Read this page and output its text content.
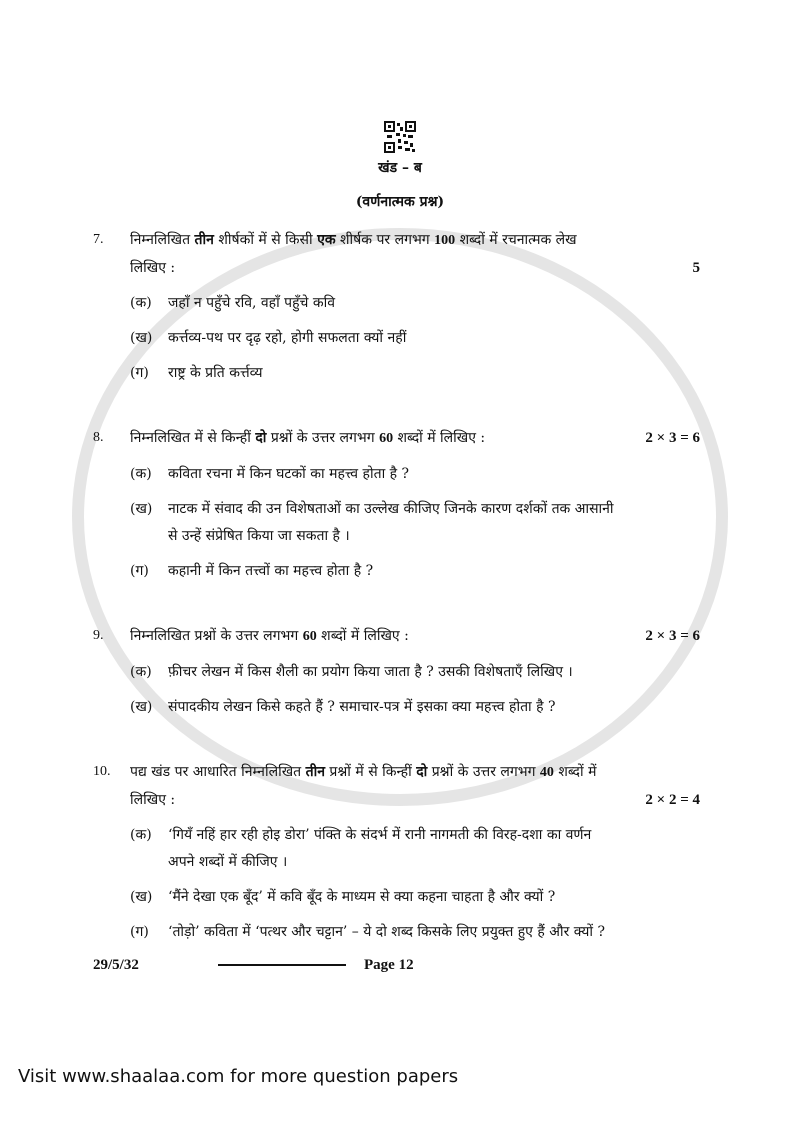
खंड – ब
(वर्णनात्मक प्रश्न)
7.	निम्नलिखित तीन शीर्षकों में से किसी एक शीर्षक पर लगभग 100 शब्दों में रचनात्मक लेख
लिखिए :	5
(क)	जहाँ न पहुँचे रवि, वहाँ पहुँचे कवि
(ख)	कर्त्तव्य-पथ पर दृढ़ रहो, होगी सफलता क्यों नहीं
(ग)	राष्ट्र के प्रति कर्त्तव्य
8.	निम्नलिखित में से किन्हीं दो प्रश्नों के उत्तर लगभग 60 शब्दों में लिखिए :	2 × 3 = 6
(क)	कविता रचना में किन घटकों का महत्त्व होता है ?
(ख)	नाटक में संवाद की उन विशेषताओं का उल्लेख कीजिए जिनके कारण दर्शकों तक आसानी
से उन्हें संप्रेषित किया जा सकता है ।
(ग)	कहानी में किन तत्त्वों का महत्त्व होता है ?
9.	निम्नलिखित प्रश्नों के उत्तर लगभग 60 शब्दों में लिखिए :	2 × 3 = 6
(क)	फ़ीचर लेखन में किस शैली का प्रयोग किया जाता है ? उसकी विशेषताएँ लिखिए ।
(ख)	संपादकीय लेखन किसे कहते हैं ? समाचार-पत्र में इसका क्या महत्त्व होता है ?
10.	पद्य खंड पर आधारित निम्नलिखित तीन प्रश्नों में से किन्हीं दो प्रश्नों के उत्तर लगभग 40 शब्दों में
लिखिए :	2 × 2 = 4
(क)	‘गियँ नहिं हार रही होइ डोरा’ पंक्ति के संदर्भ में रानी नागमती की विरह-दशा का वर्णन
अपने शब्दों में कीजिए ।
(ख)	‘मैंने देखा एक बूँद’ में कवि बूँद के माध्यम से क्या कहना चाहता है और क्यों ?
(ग)	‘तोड़ो’ कविता में ‘पत्थर और चट्टान’ – ये दो शब्द किसके लिए प्रयुक्त हुए हैं और क्यों ?
29/5/32	Page 12
Visit www.shaalaa.com for more question papers
